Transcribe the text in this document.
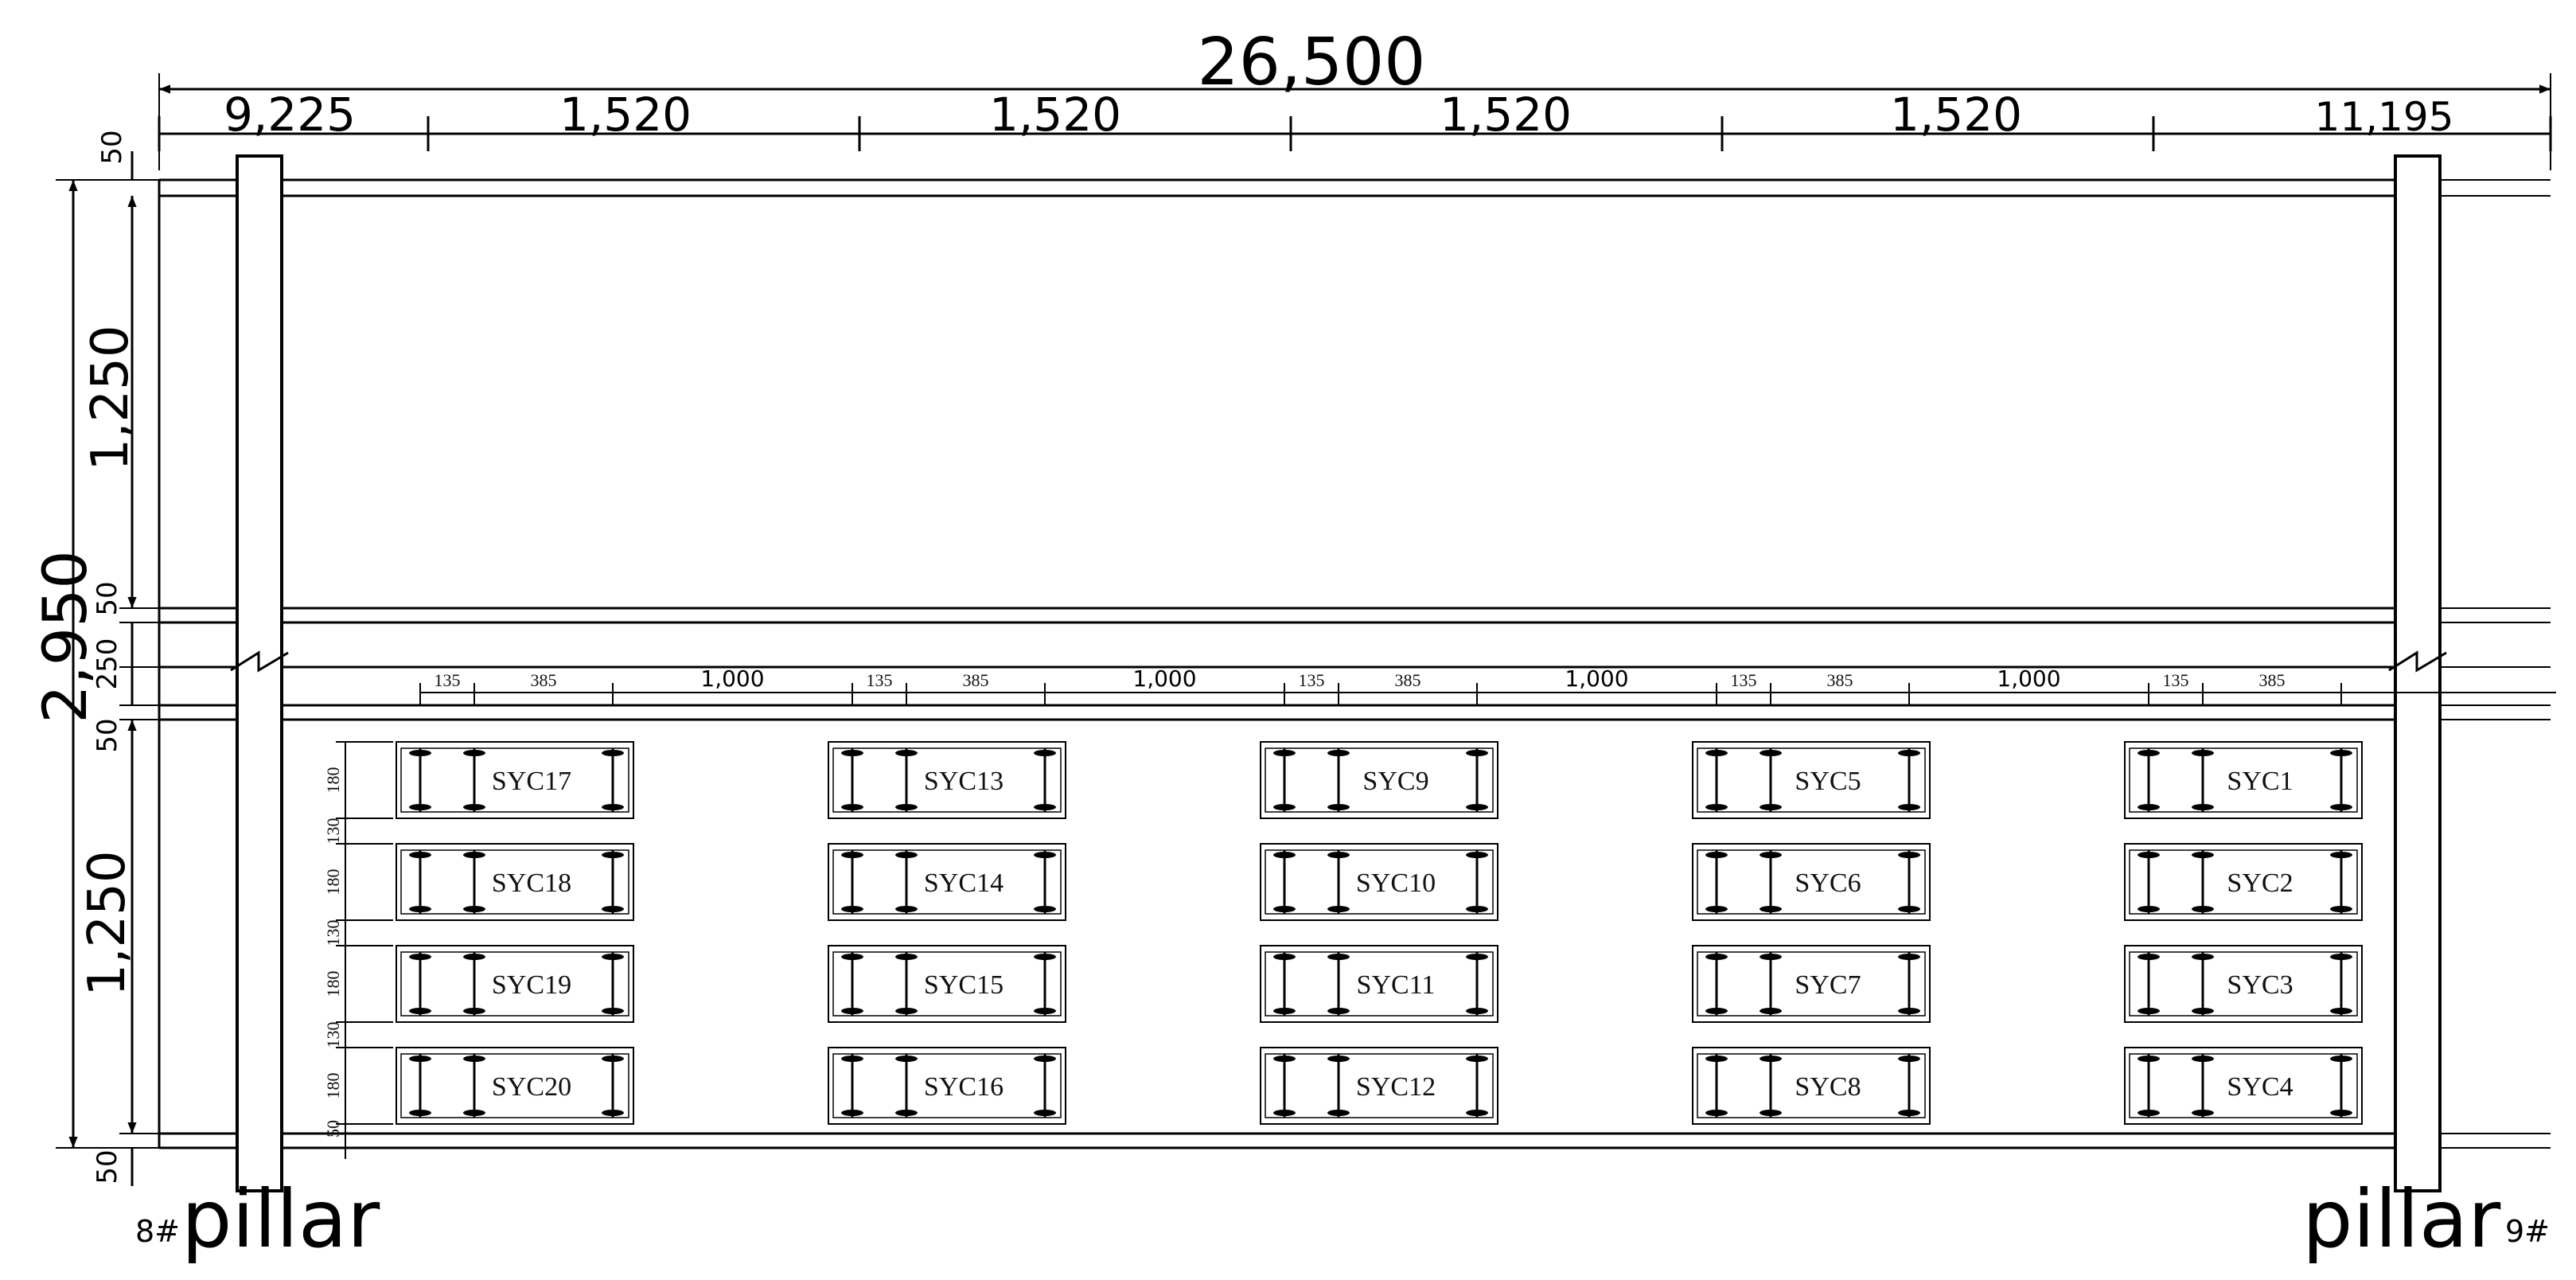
26,500
9,225	1,520	1,520	1,520	1,520	11,195
2,950
50
1,250
50
250
50
1,250
50
180
130
180
130
180
130
180
50
135	385	1,000	135	385	1,000	135	385	1,000	135	385	1,000	135	385
SYC17	SYC13	SYC9	SYC5	SYC1
SYC18	SYC14	SYC10	SYC6	SYC2
SYC19	SYC15	SYC11	SYC7	SYC3
SYC20	SYC16	SYC12	SYC8	SYC4
8# pillar	pillar 9#
